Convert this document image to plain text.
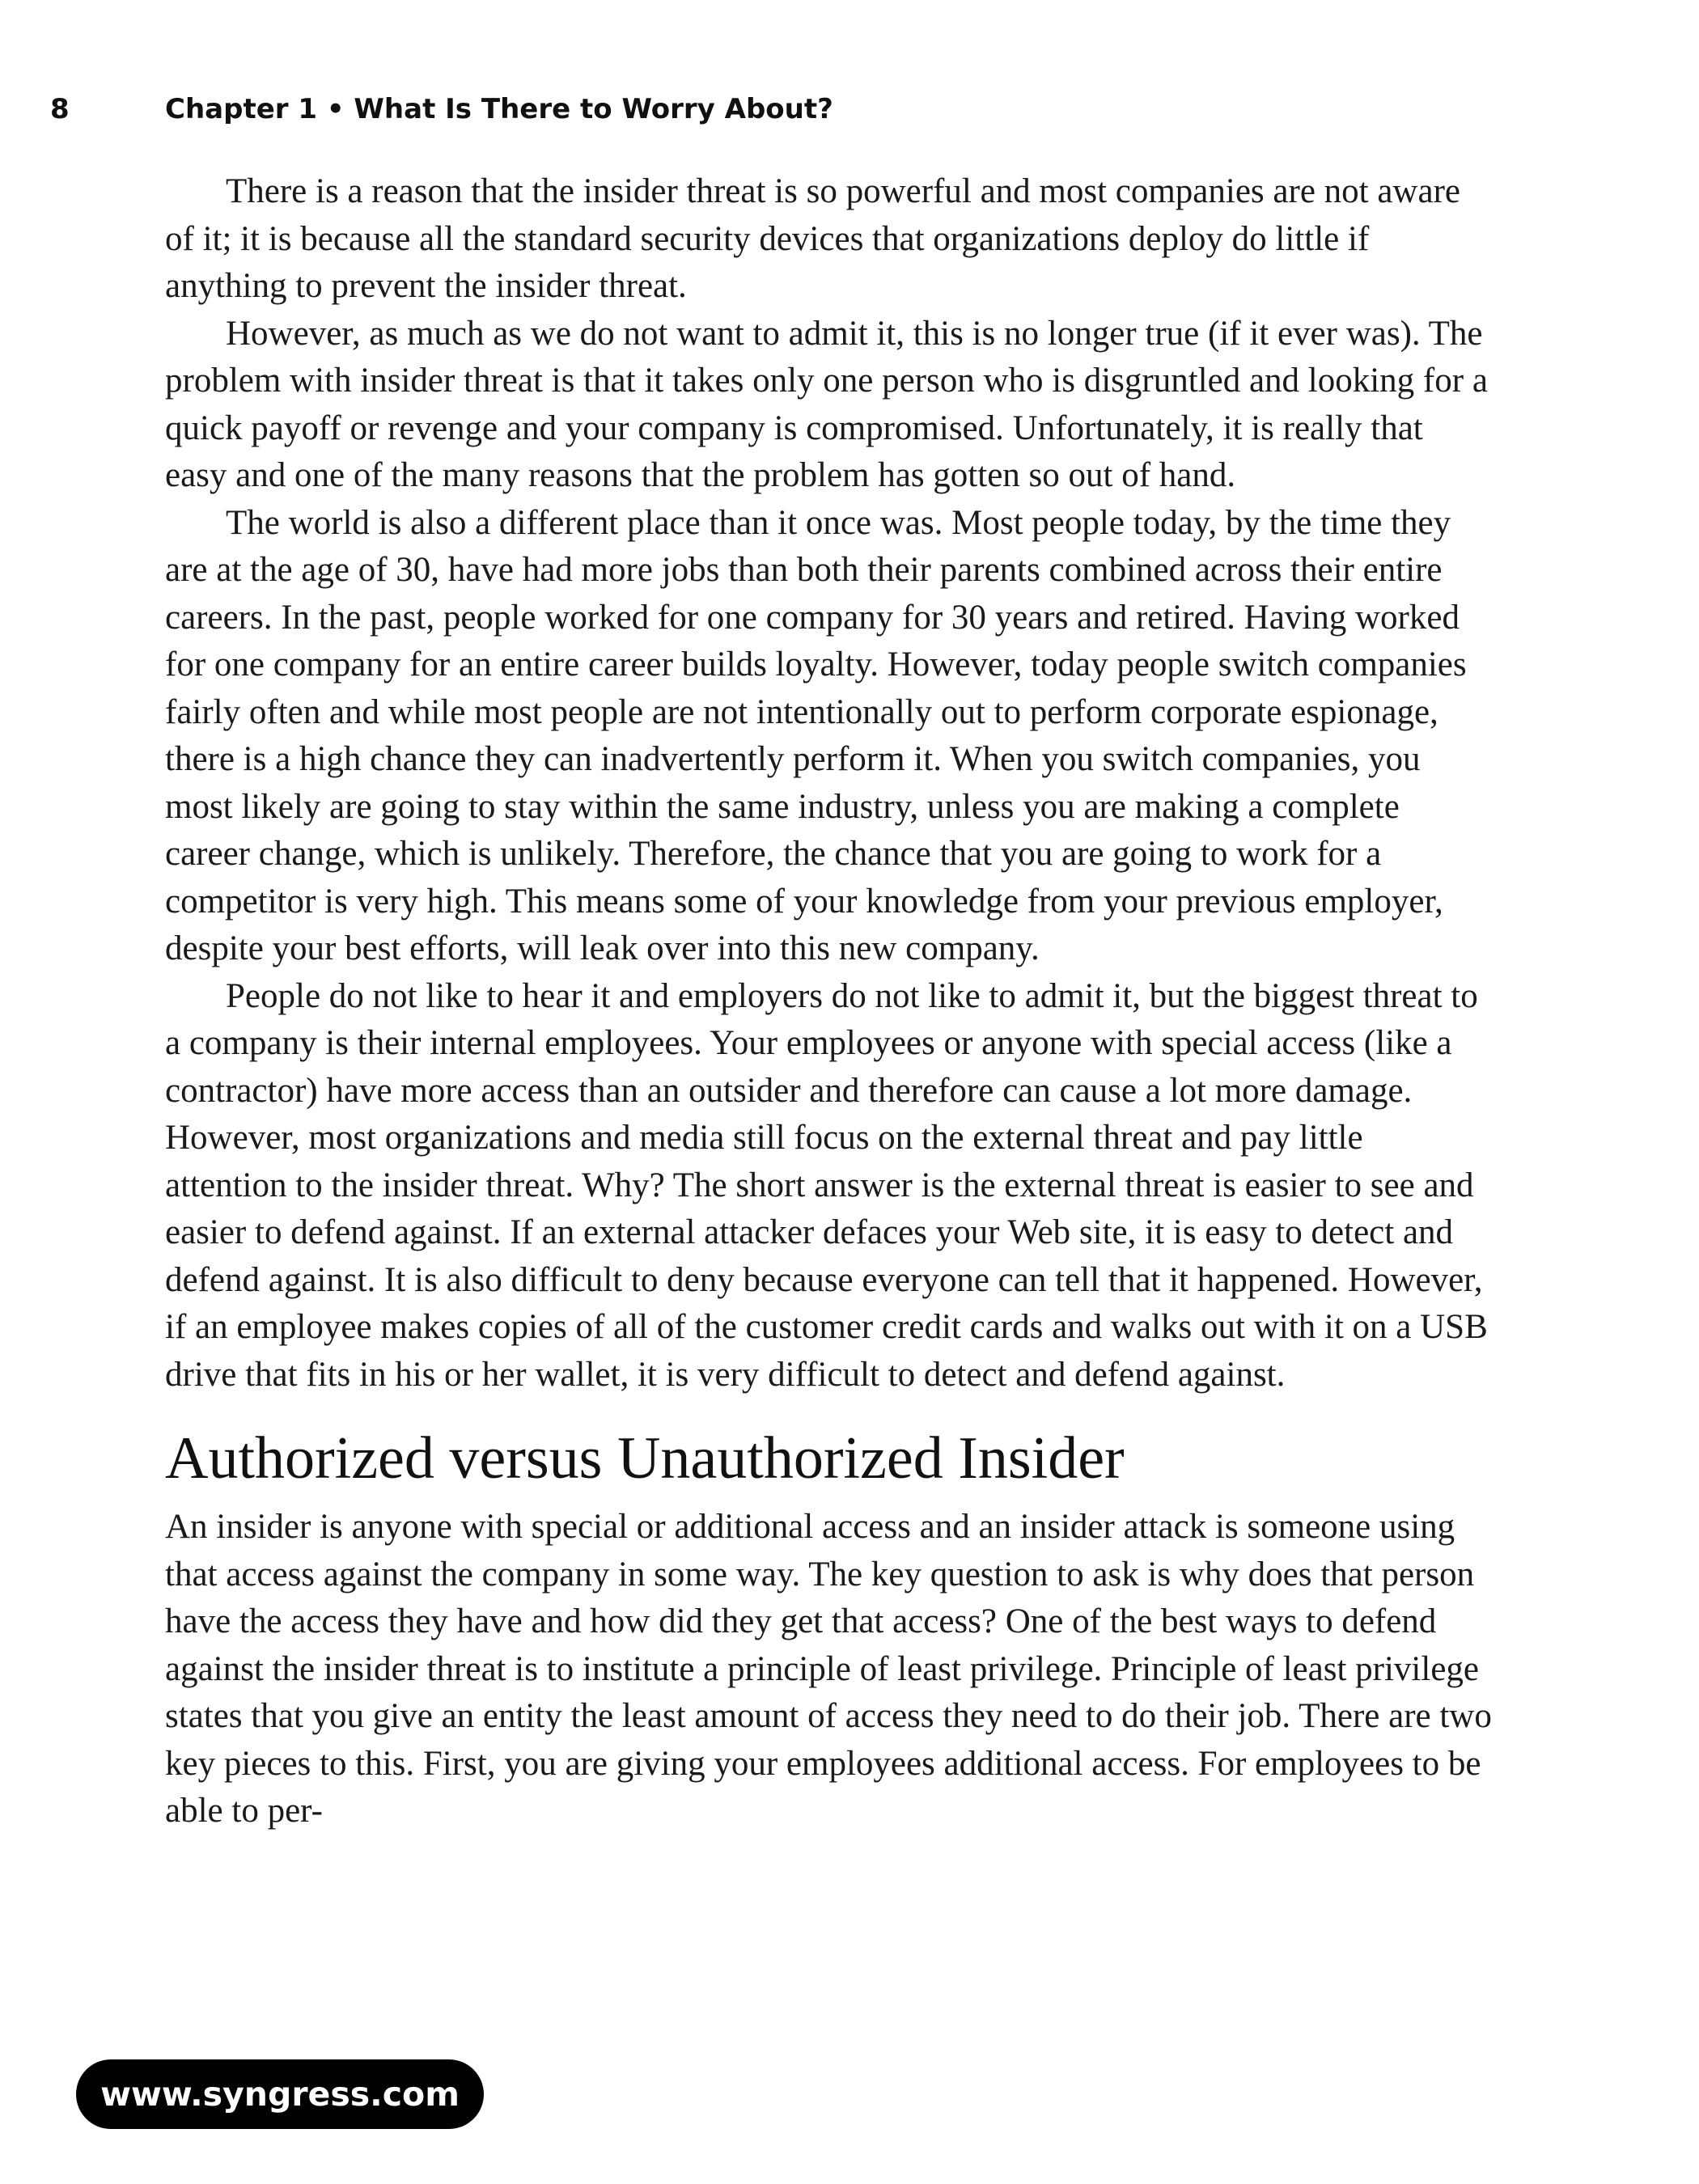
8	Chapter 1 • What Is There to Worry About?

There is a reason that the insider threat is so powerful and most companies are not aware of it; it is because all the standard security devices that organizations deploy do little if anything to prevent the insider threat.

However, as much as we do not want to admit it, this is no longer true (if it ever was). The problem with insider threat is that it takes only one person who is disgruntled and looking for a quick payoff or revenge and your company is compromised. Unfortunately, it is really that easy and one of the many reasons that the problem has gotten so out of hand.

The world is also a different place than it once was. Most people today, by the time they are at the age of 30, have had more jobs than both their parents combined across their entire careers. In the past, people worked for one company for 30 years and retired. Having worked for one company for an entire career builds loyalty. However, today people switch companies fairly often and while most people are not intentionally out to perform corporate espionage, there is a high chance they can inadvertently perform it. When you switch companies, you most likely are going to stay within the same industry, unless you are making a complete career change, which is unlikely. Therefore, the chance that you are going to work for a competitor is very high. This means some of your knowledge from your previous employer, despite your best efforts, will leak over into this new company.

People do not like to hear it and employers do not like to admit it, but the biggest threat to a company is their internal employees. Your employees or anyone with special access (like a contractor) have more access than an outsider and therefore can cause a lot more damage. However, most organizations and media still focus on the external threat and pay little attention to the insider threat. Why? The short answer is the external threat is easier to see and easier to defend against. If an external attacker defaces your Web site, it is easy to detect and defend against. It is also difficult to deny because everyone can tell that it happened. However, if an employee makes copies of all of the customer credit cards and walks out with it on a USB drive that fits in his or her wallet, it is very difficult to detect and defend against.

Authorized versus Unauthorized Insider

An insider is anyone with special or additional access and an insider attack is someone using that access against the company in some way. The key question to ask is why does that person have the access they have and how did they get that access? One of the best ways to defend against the insider threat is to institute a principle of least privilege. Principle of least privilege states that you give an entity the least amount of access they need to do their job. There are two key pieces to this. First, you are giving your employees additional access. For employees to be able to per-

www.syngress.com
